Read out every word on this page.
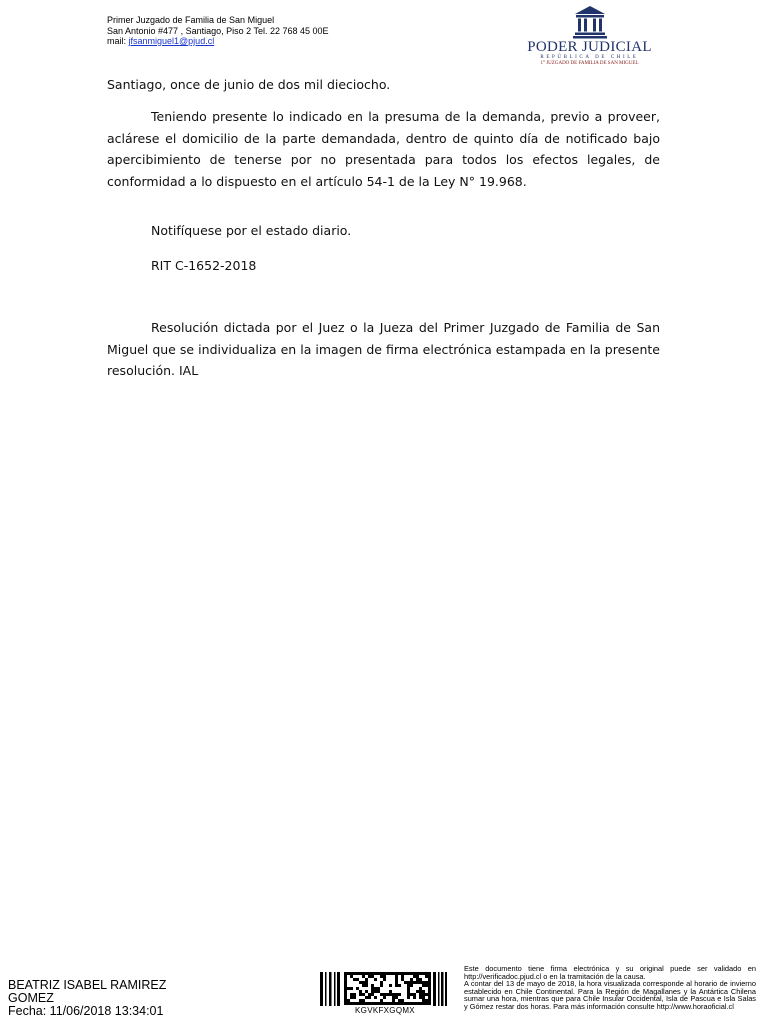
Primer Juzgado de Familia de San Miguel
San Antonio #477 , Santiago, Piso 2 Tel. 22 768 45 00E
mail: jfsanmiguel1@pjud.cl	PODER JUDICIAL
REPÚBLICA DE CHILE
1° JUZGADO DE FAMILIA DE SAN MIGUEL
Santiago, once de junio de dos mil dieciocho.
Teniendo presente lo indicado en la presuma de la demanda, previo a proveer, aclárese el domicilio de la parte demandada, dentro de quinto día de notificado bajo apercibimiento de tenerse por no presentada para todos los efectos legales, de conformidad a lo dispuesto en el artículo 54-1 de la Ley N° 19.968.
Notifíquese por el estado diario.
RIT C-1652-2018
Resolución dictada por el Juez o la Jueza del Primer Juzgado de Familia de San Miguel que se individualiza en la imagen de firma electrónica estampada en la presente resolución. IAL
BEATRIZ ISABEL RAMIREZ
GOMEZ
Fecha: 11/06/2018 13:34:01	KGVKFXGQMX
Este documento tiene firma electrónica y su original puede ser validado en http://verificadoc.pjud.cl o en la tramitación de la causa.
A contar del 13 de mayo de 2018, la hora visualizada corresponde al horario de invierno establecido en Chile Continental. Para la Región de Magallanes y la Antártica Chilena sumar una hora, mientras que para Chile Insular Occidental, Isla de Pascua e Isla Salas y Gómez restar dos horas. Para más información consulte http://www.horaoficial.cl
